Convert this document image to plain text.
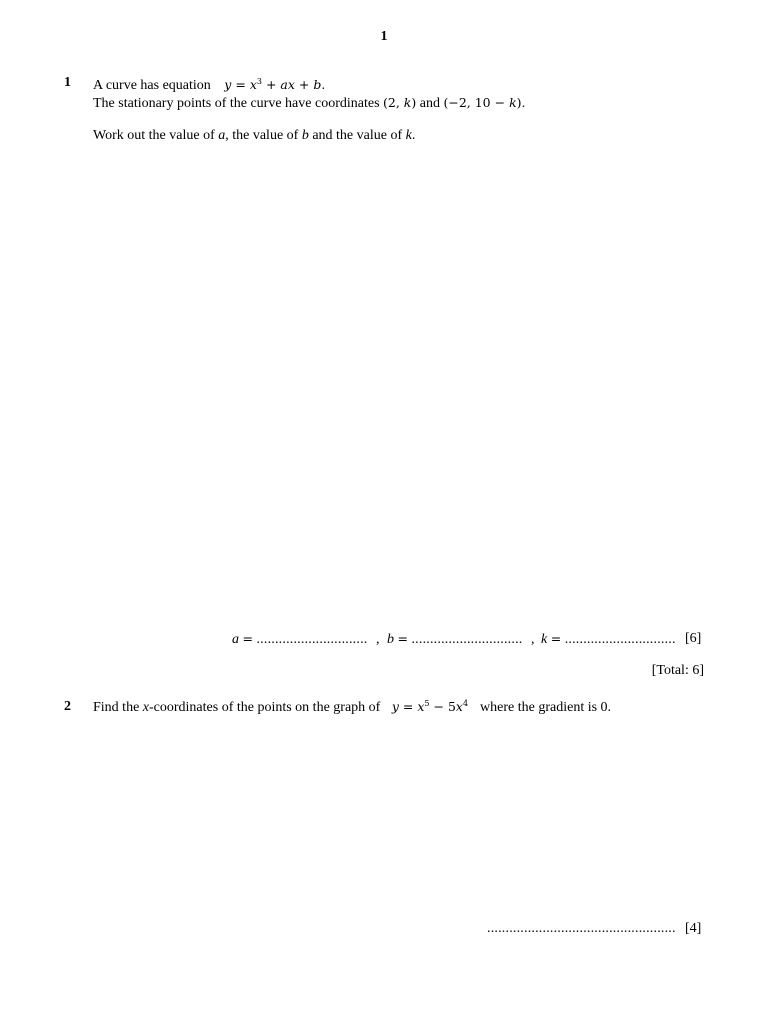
1
1 A curve has equation $y = x^3$ + ax + b.
The stationary points of the curve have coordinates (2, k) and (−2, 10 − k).
Work out the value of a, the value of b and the value of k.
a = .............................. , b = .............................. , k = .............................. [6]
[Total: 6]
2 Find the x-coordinates of the points on the graph of $y = x^5 - 5x^4$ where the gradient is 0.
................................................... [4]
